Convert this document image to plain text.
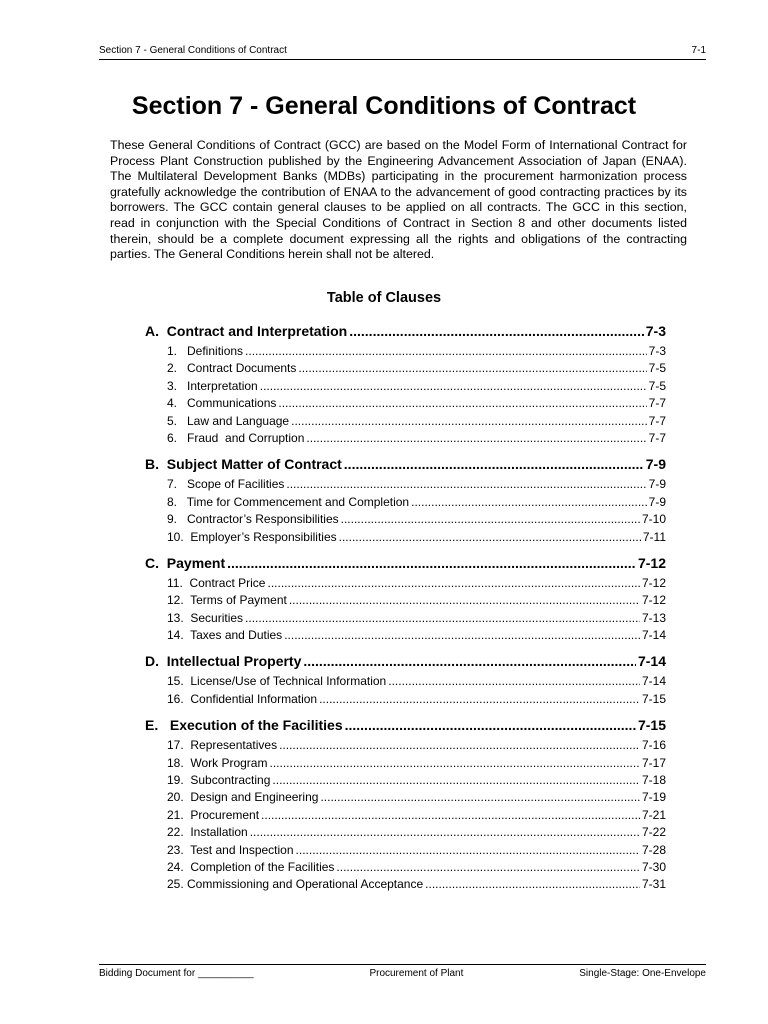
Section 7 - General Conditions of Contract	7-1
Section 7 - General Conditions of Contract
These General Conditions of Contract (GCC) are based on the Model Form of International Contract for Process Plant Construction published by the Engineering Advancement Association of Japan (ENAA). The Multilateral Development Banks (MDBs) participating in the procurement harmonization process gratefully acknowledge the contribution of ENAA to the advancement of good contracting practices by its borrowers. The GCC contain general clauses to be applied on all contracts. The GCC in this section, read in conjunction with the Special Conditions of Contract in Section 8 and other documents listed therein, should be a complete document expressing all the rights and obligations of the contracting parties. The General Conditions herein shall not be altered.
Table of Clauses
A.  Contract and Interpretation .....	7-3
1.   Definitions .....	7-3
2.   Contract Documents .....	7-5
3.   Interpretation .....	7-5
4.   Communications .....	7-7
5.   Law and Language .....	7-7
6.   Fraud  and Corruption .....	7-7
B.  Subject Matter of Contract .....	7-9
7.   Scope of Facilities .....	7-9
8.   Time for Commencement and Completion .....	7-9
9.   Contractor’s Responsibilities .....	7-10
10.  Employer’s Responsibilities .....	7-11
C.  Payment .....	7-12
11.  Contract Price .....	7-12
12.  Terms of Payment .....	7-12
13.  Securities .....	7-13
14.  Taxes and Duties .....	7-14
D.  Intellectual Property .....	7-14
15.  License/Use of Technical Information .....	7-14
16.  Confidential Information .....	7-15
E.   Execution of the Facilities .....	7-15
17.  Representatives .....	7-16
18.  Work Program .....	7-17
19.  Subcontracting .....	7-18
20.  Design and Engineering .....	7-19
21.  Procurement .....	7-21
22.  Installation .....	7-22
23.  Test and Inspection .....	7-28
24.  Completion of the Facilities .....	7-30
25. Commissioning and Operational Acceptance .....	7-31
Bidding Document for __________	Procurement of Plant	Single-Stage: One-Envelope
